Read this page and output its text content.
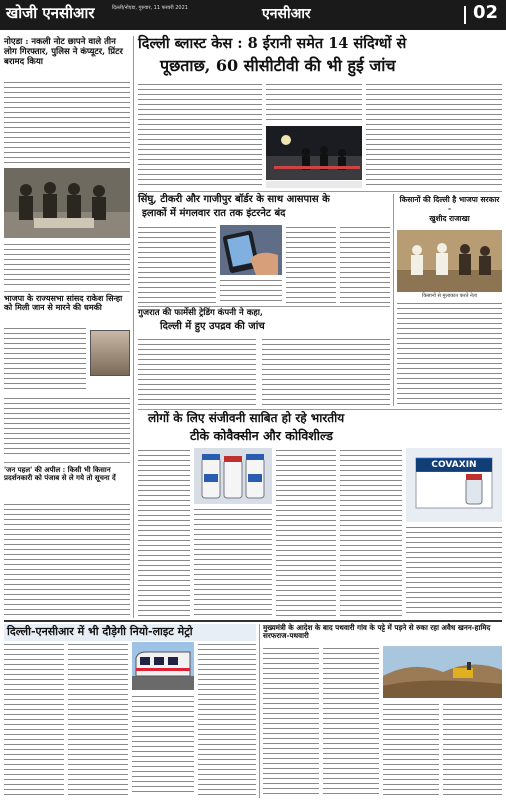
खोजी एनसीआर	दिल्ली/नोएडा, गुरुवार, 11 फरवरी 2021	एनसीआर	02
नोएडा : नकली नोट छापने वाले तीन लोग गिरफ्तार, पुलिस ने कंप्यूटर, प्रिंटर बरामद किया
भाजपा के राज्यसभा सांसद राकेश सिन्हा को मिली जान से मारने की धमकी
'जन पहल' की अपील : किसी भी किसान प्रदर्शनकारी को पंजाब से ले गये तो सूचना दें
दिल्ली ब्लास्ट केस : 8 ईरानी समेत 14 संदिग्धों से
पूछताछ, 60 सीसीटीवी की भी हुई जांच
सिंघु, टीकरी और गाजीपुर बॉर्डर के साथ आसपास के
इलाकों में मंगलवार रात तक इंटरनेट बंद
किसानों की दिल्ली है भाजपा सरकार -
खुशीद राजाखा
किसानों से मुलाकात करते नेता
गुजरात की फार्मेसी ट्रेडिंग कंपनी ने कहा,
दिल्ली में हुए उपद्रव की जांच
लोगों के लिए संजीवनी साबित हो रहे भारतीय
टीके कोवैक्सीन और कोविशील्ड
COVAXIN
दिल्ली-एनसीआर में भी दौड़ेगी नियो-लाइट मेट्रो	मुख्यमंत्री के आदेश के बाद पथवारी गांव के पट्टे में पड़ने से रुका रहा अवैध खनन-हामिद सरफराज-पथवारी
